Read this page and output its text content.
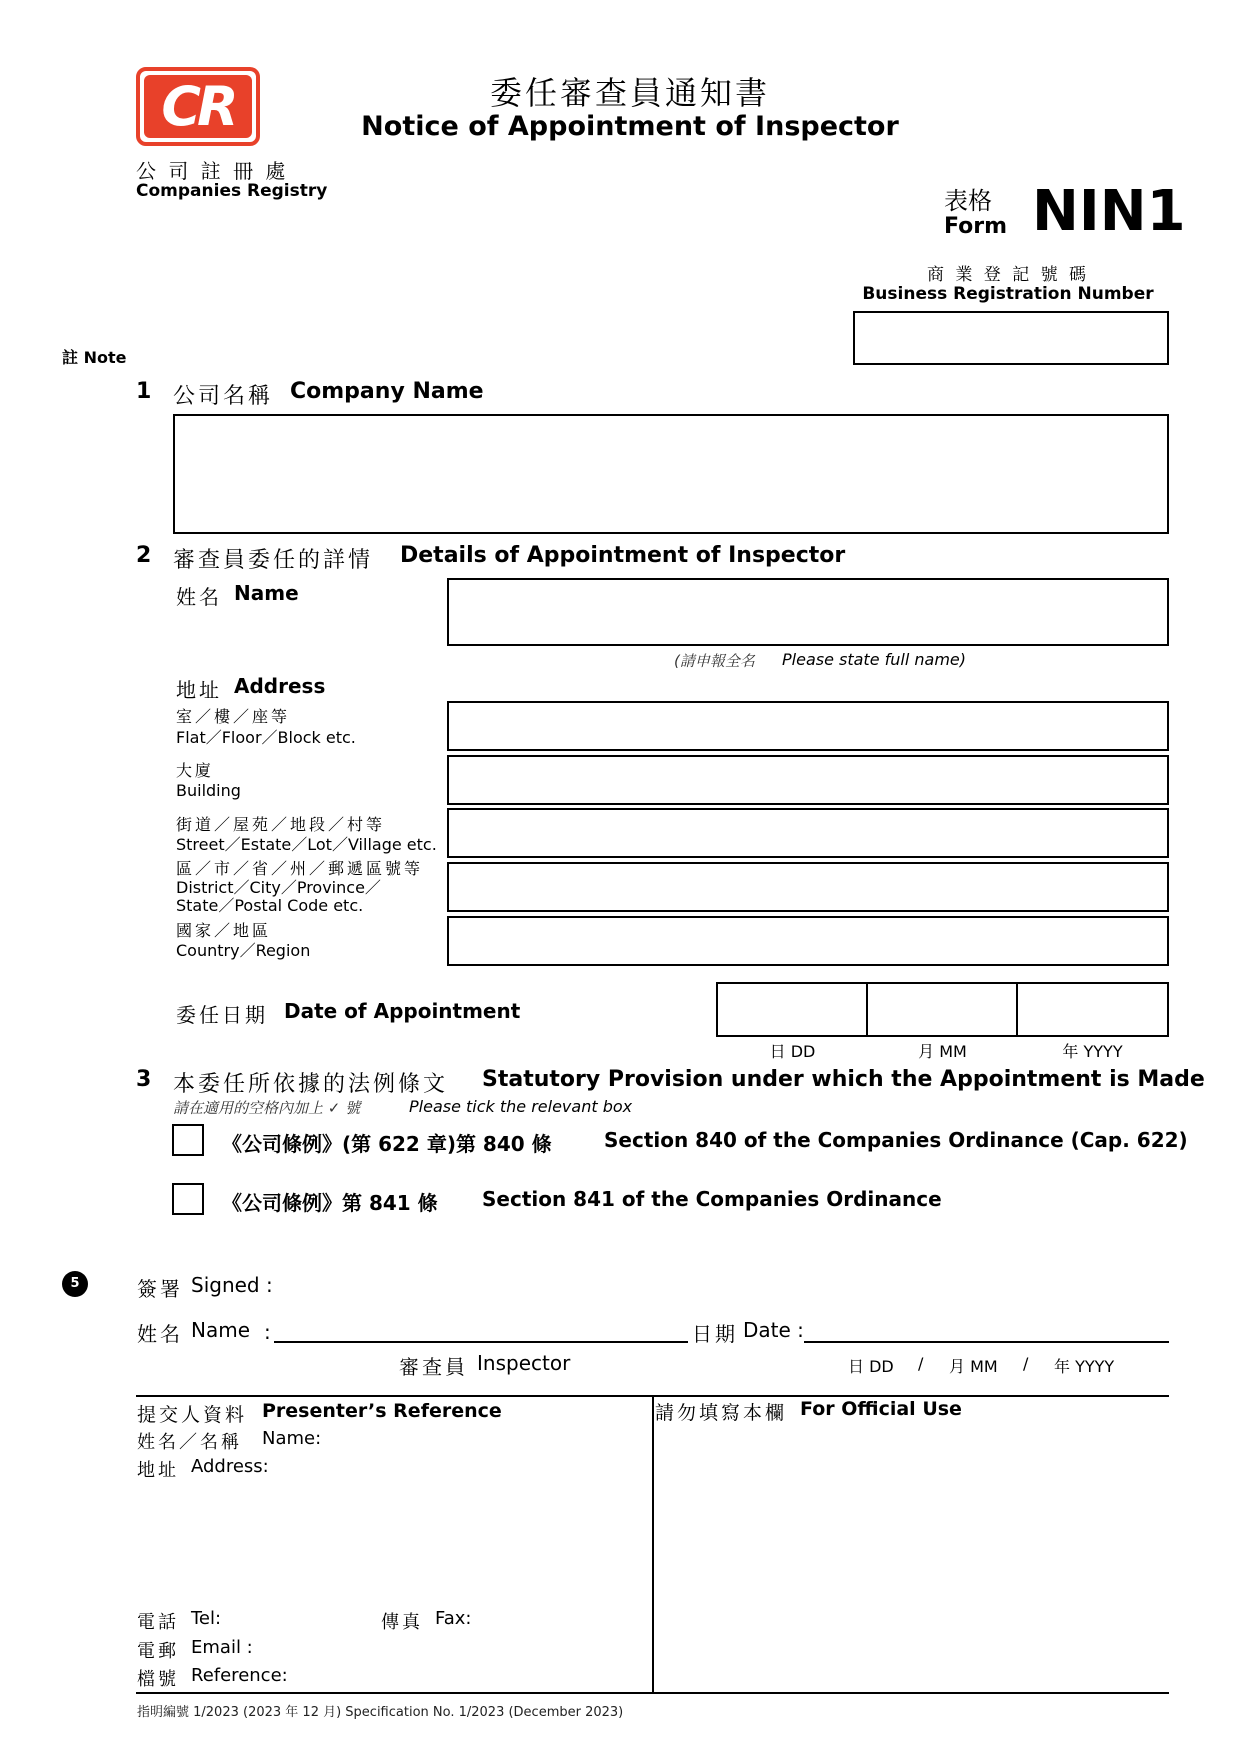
CR
公 司 註 冊 處
Companies Registry
委任審查員通知書
Notice of Appointment of Inspector
表格
Form NIN1
商 業 登 記 號 碼
Business Registration Number
註 Note
1 公司名稱 Company Name
2 審查員委任的詳情 Details of Appointment of Inspector
姓名 Name
(請申報全名 Please state full name)
地址 Address
室／樓／座等
Flat／Floor／Block etc.
大廈
Building
街道／屋苑／地段／村等
Street／Estate／Lot／Village etc.
區／市／省／州／郵遞區號等
District／City／Province／
State／Postal Code etc.
國家／地區
Country／Region
委任日期 Date of Appointment
日 DD	月 MM	年 YYYY
3 本委任所依據的法例條文 Statutory Provision under which the Appointment is Made
請在適用的空格內加上 ✓ 號	Please tick the relevant box
《公司條例》(第 622 章)第 840 條	Section 840 of the Companies Ordinance (Cap. 622)
《公司條例》第 841 條 Section 841 of the Companies Ordinance
5	簽署 Signed :
姓名 Name :
審查員 Inspector
日期 Date :
日 DD / 月 MM / 年 YYYY
提交人資料 Presenter’s Reference
姓名／名稱 Name:
地址 Address:
電話 Tel:	傳真 Fax:
電郵 Email :
檔號 Reference:
請勿填寫本欄 For Official Use
指明編號 1/2023 (2023 年 12 月) Specification No. 1/2023 (December 2023)
